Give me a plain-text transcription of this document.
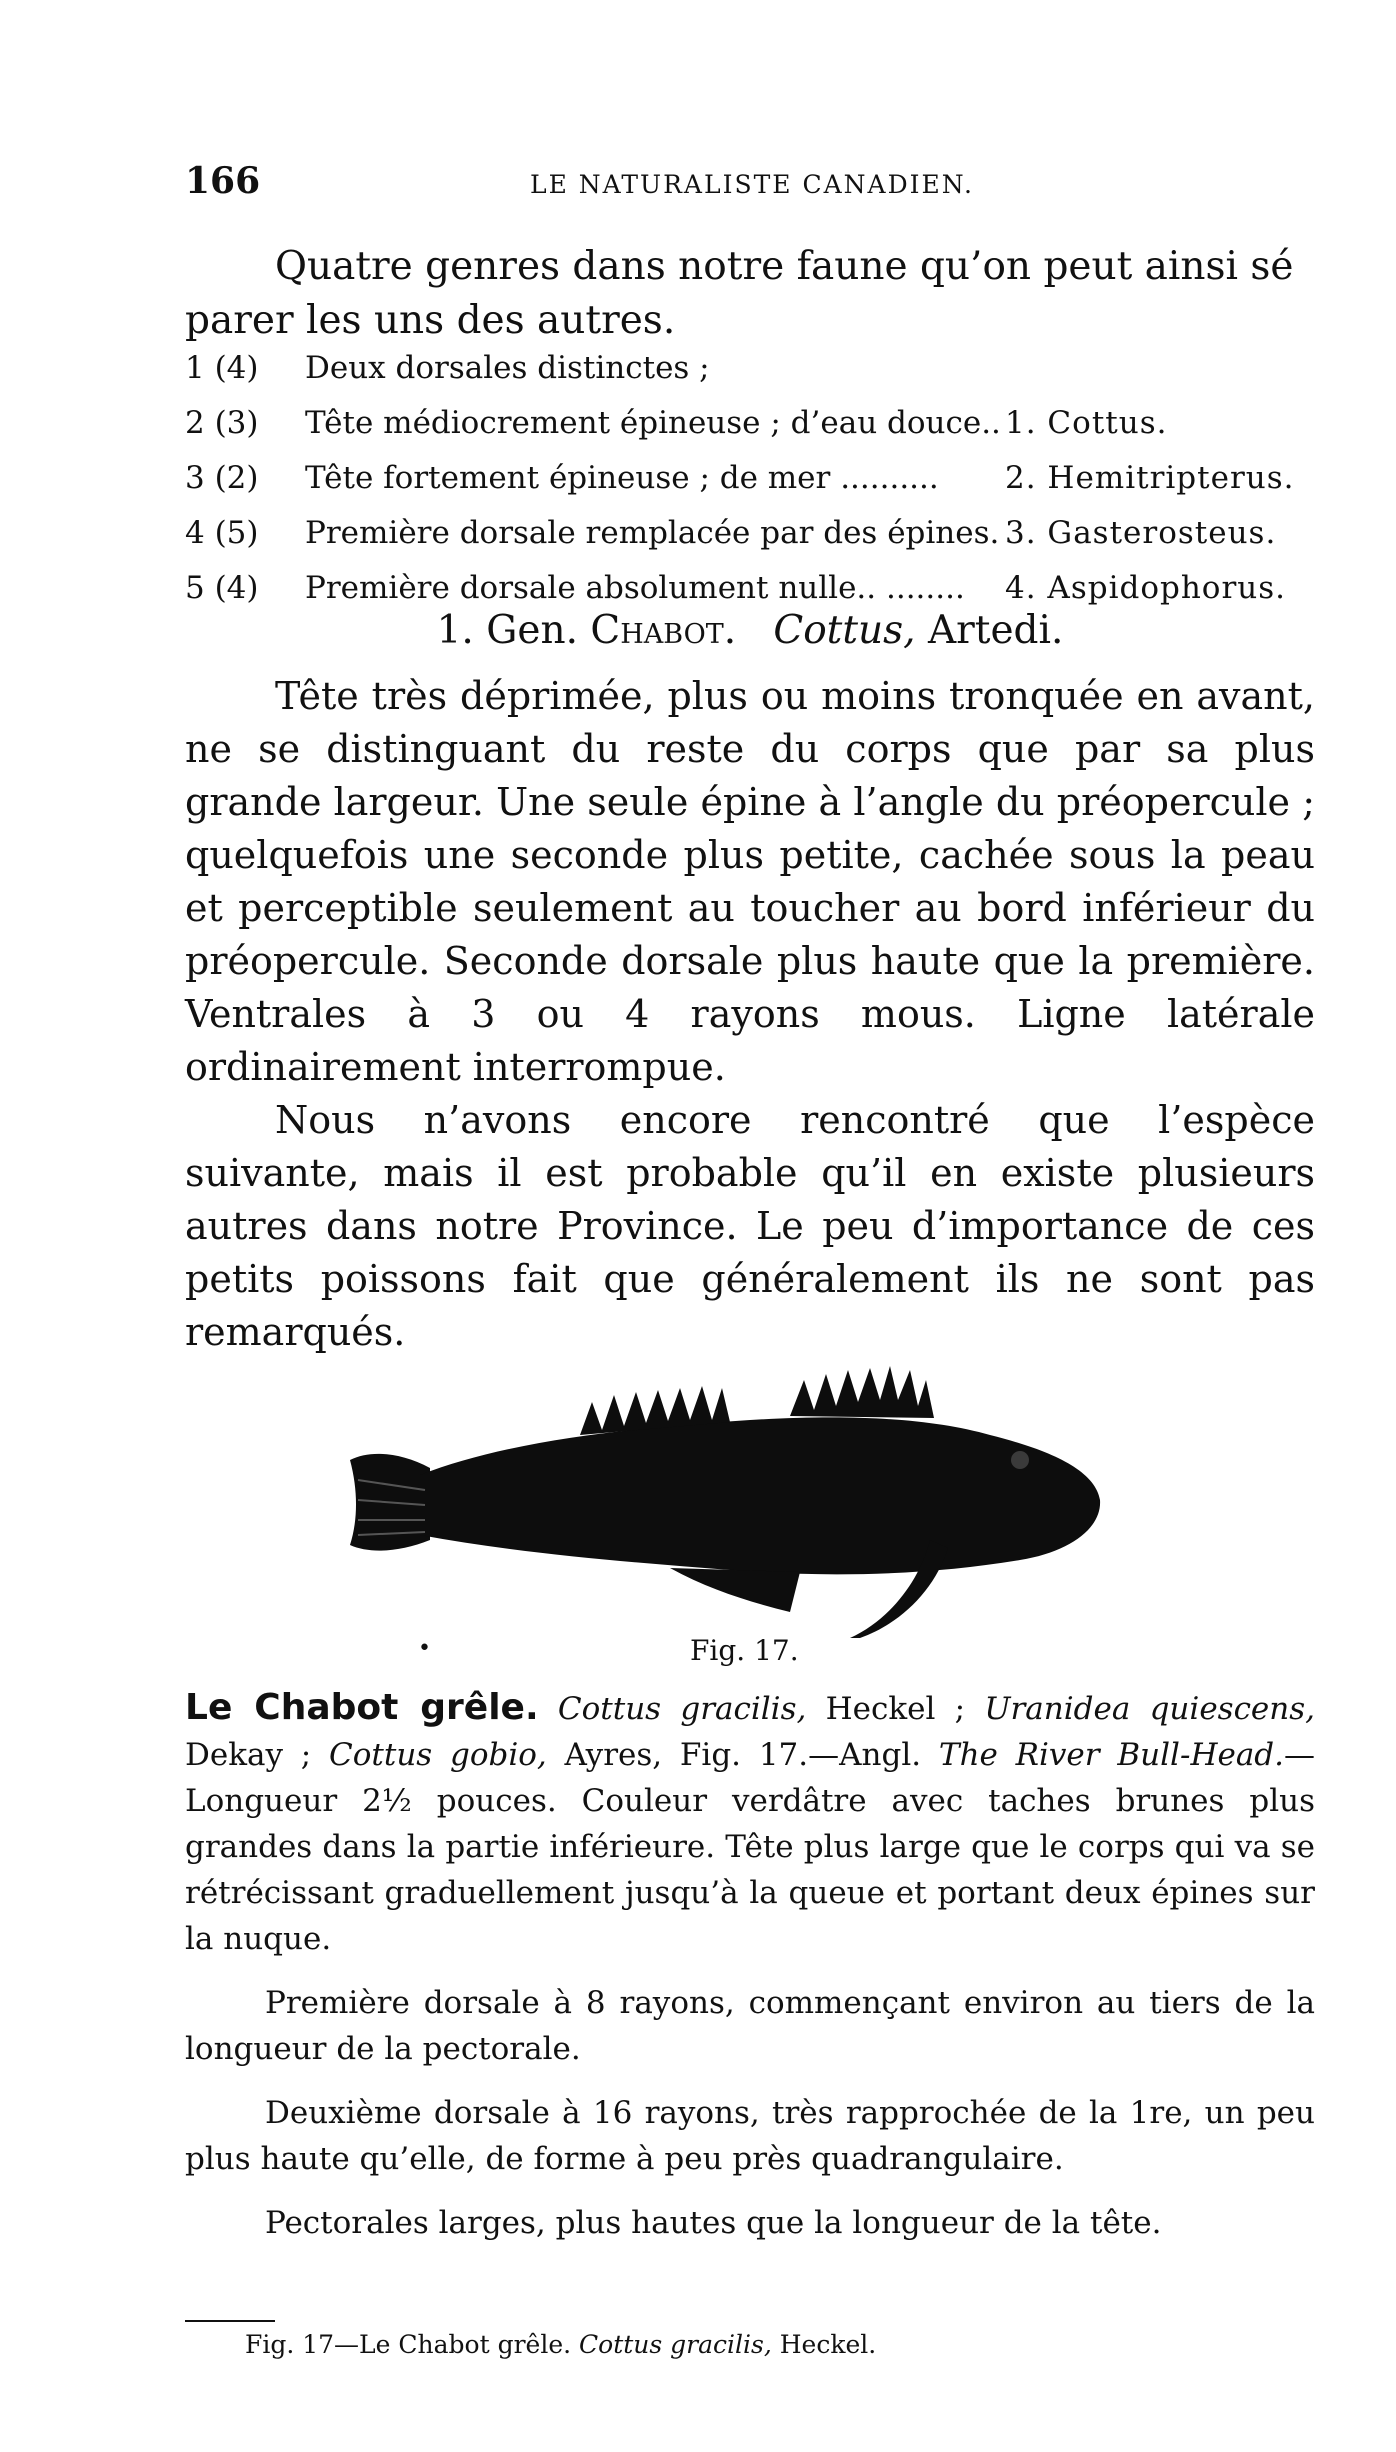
166	LE NATURALISTE CANADIEN.

Quatre genres dans notre faune qu’on peut ainsi sé parer les uns des autres.

1 (4) Deux dorsales distinctes ;
2 (3) Tête médiocrement épineuse ; d’eau douce.. 1. Cottus.
3 (2) Tête fortement épineuse ; de mer .......... 2. Hemitripterus.
4 (5) Première dorsale remplacée par des épines. 3. Gasterosteus.
5 (4) Première dorsale absolument nulle.. ........ 4. Aspidophorus.
1. Gen. Chabot. Cottus, Artedi.

Tête très déprimée, plus ou moins tronquée en avant, ne se distinguant du reste du corps que par sa plus grande largeur. Une seule épine à l’angle du préopercule ; quelquefois une seconde plus petite, cachée sous la peau et perceptible seulement au toucher au bord inférieur du préopercule. Seconde dorsale plus haute que la première. Ventrales à 3 ou 4 rayons mous. Ligne latérale ordinairement interrompue.

Nous n’avons encore rencontré que l’espèce suivante, mais il est probable qu’il en existe plusieurs autres dans notre Province. Le peu d’importance de ces petits poissons fait que généralement ils ne sont pas remarqués.

•	Fig. 17.

Le Chabot grêle. Cottus gracilis, Heckel ; Uranidea quiescens, Dekay ; Cottus gobio, Ayres, Fig. 17.—Angl. The River Bull-Head.— Longueur 2½ pouces. Couleur verdâtre avec taches brunes plus grandes dans la partie inférieure. Tête plus large que le corps qui va se rétrécissant graduellement jusqu’à la queue et portant deux épines sur la nuque.

Première dorsale à 8 rayons, commençant environ au tiers de la longueur de la pectorale.

Deuxième dorsale à 16 rayons, très rapprochée de la 1re, un peu plus haute qu’elle, de forme à peu près quadrangulaire.

Pectorales larges, plus hautes que la longueur de la tête.

Fig. 17—Le Chabot grêle. Cottus gracilis, Heckel.
